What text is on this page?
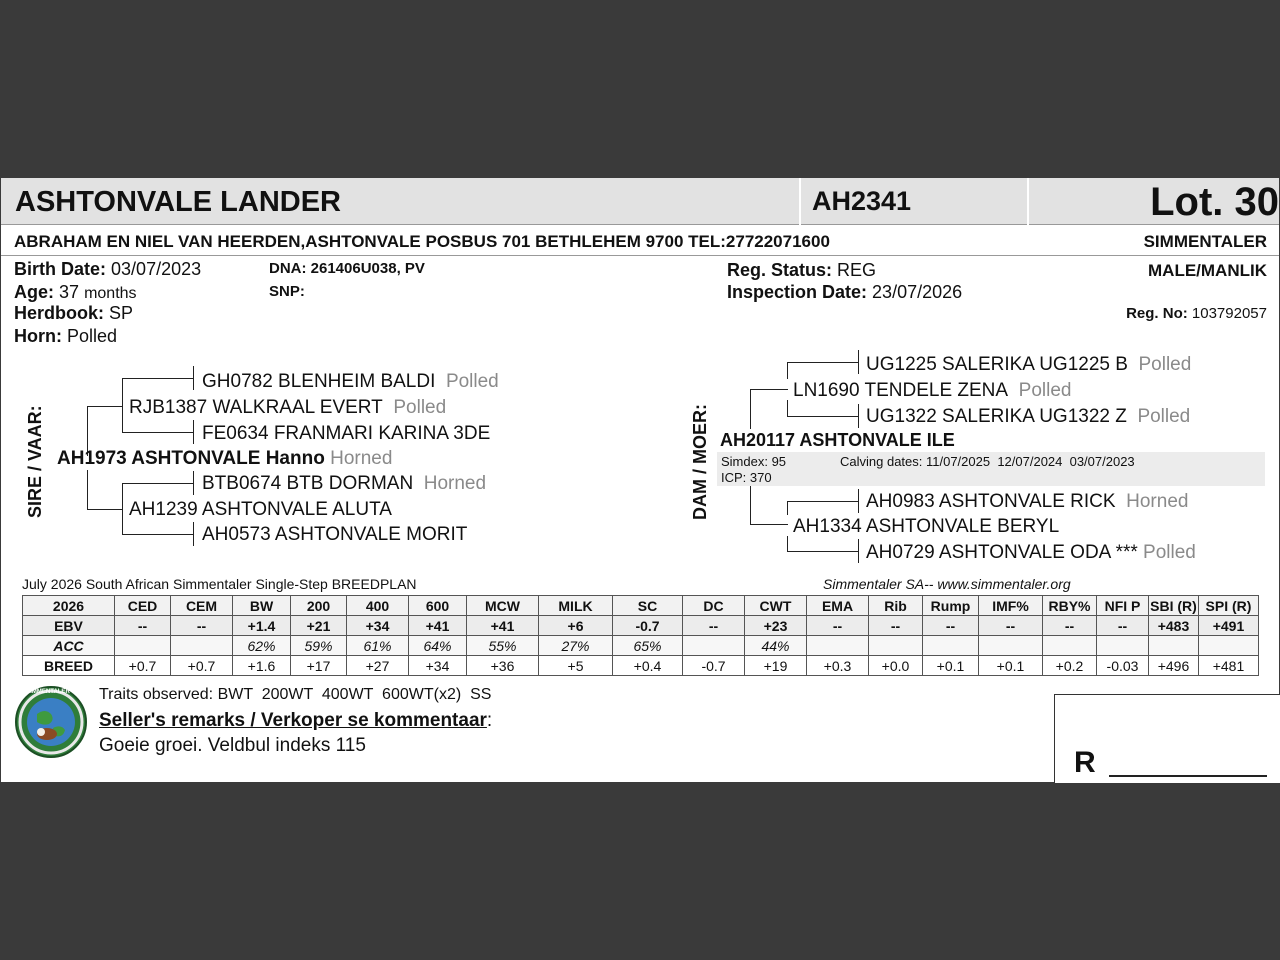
ASHTONVALE LANDER	AH2341	Lot. 30
ABRAHAM EN NIEL VAN HEERDEN,ASHTONVALE POSBUS 701 BETHLEHEM 9700 TEL:27722071600	SIMMENTALER
Birth Date: 03/07/2023
Age: 37 months
Herdbook: SP
Horn: Polled
DNA: 261406U038, PV
SNP:
Reg. Status: REG
Inspection Date: 23/07/2026
MALE/MANLIK
Reg. No: 103792057
SIRE / VAAR:
GH0782 BLENHEIM BALDI Polled
RJB1387 WALKRAAL EVERT Polled
FE0634 FRANMARI KARINA 3DE
AH1973 ASHTONVALE Hanno Horned
BTB0674 BTB DORMAN Horned
AH1239 ASHTONVALE ALUTA
AH0573 ASHTONVALE MORIT
DAM / MOER:
UG1225 SALERIKA UG1225 B Polled
LN1690 TENDELE ZENA Polled
UG1322 SALERIKA UG1322 Z Polled
AH20117 ASHTONVALE ILE
Simdex: 95
ICP: 370
Calving dates: 11/07/2025  12/07/2024  03/07/2023
AH0983 ASHTONVALE RICK Horned
AH1334 ASHTONVALE BERYL
AH0729 ASHTONVALE ODA *** Polled
July 2026 South African Simmentaler Single-Step BREEDPLAN	Simmentaler SA-- www.simmentaler.org
2026	CED	CEM	BW	200	400	600	MCW	MILK	SC	DC	CWT	EMA	Rib	Rump	IMF%	RBY%	NFI P	SBI (R)	SPI (R)
EBV	--	--	+1.4	+21	+34	+41	+41	+6	-0.7	--	+23	--	--	--	--	--	--	+483	+491
ACC			62%	59%	61%	64%	55%	27%	65%		44%								
BREED	+0.7	+0.7	+1.6	+17	+27	+34	+36	+5	+0.4	-0.7	+19	+0.3	+0.0	+0.1	+0.1	+0.2	-0.03	+496	+481
SIMMENTALER	Traits observed: BWT  200WT  400WT  600WT(x2)  SS
Seller's remarks / Verkoper se kommentaar:
Goeie groei. Veldbul indeks 115
R
